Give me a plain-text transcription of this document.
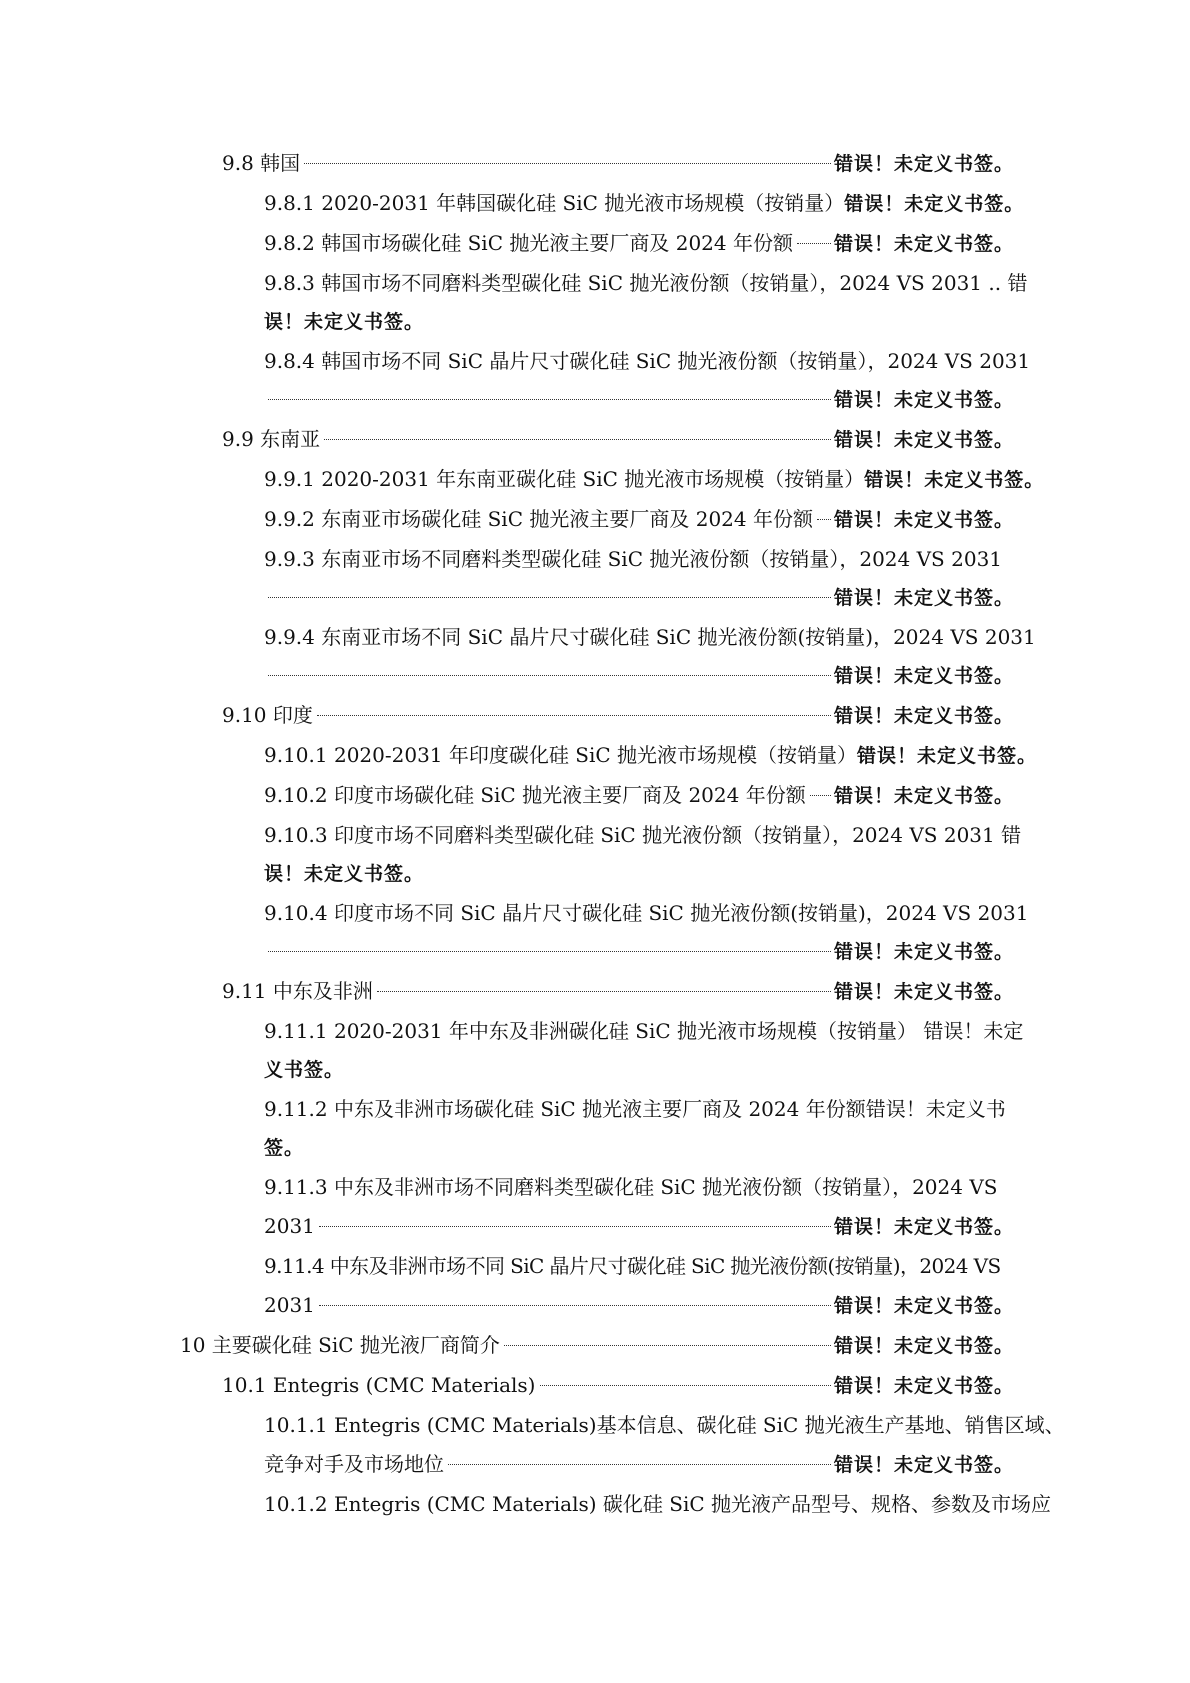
9.8 韩国	错误！未定义书签。
9.8.1 2020-2031 年韩国碳化硅 SiC 抛光液市场规模（按销量） 错误！未定义书签。
9.8.2 韩国市场碳化硅 SiC 抛光液主要厂商及 2024 年份额 错误！未定义书签。
9.8.3 韩国市场不同磨料类型碳化硅 SiC 抛光液份额（按销量），2024 VS 2031 .. 错
误！未定义书签。
9.8.4 韩国市场不同 SiC 晶片尺寸碳化硅 SiC 抛光液份额（按销量），2024 VS 2031
错误！未定义书签。
9.9 东南亚	错误！未定义书签。
9.9.1 2020-2031 年东南亚碳化硅 SiC 抛光液市场规模（按销量） 错误！未定义书签。
9.9.2 东南亚市场碳化硅 SiC 抛光液主要厂商及 2024 年份额 错误！未定义书签。
9.9.3 东南亚市场不同磨料类型碳化硅 SiC 抛光液份额（按销量），2024 VS 2031
错误！未定义书签。
9.9.4 东南亚市场不同 SiC 晶片尺寸碳化硅 SiC 抛光液份额(按销量)，2024 VS 2031
错误！未定义书签。
9.10 印度	错误！未定义书签。
9.10.1 2020-2031 年印度碳化硅 SiC 抛光液市场规模（按销量） 错误！未定义书签。
9.10.2 印度市场碳化硅 SiC 抛光液主要厂商及 2024 年份额 错误！未定义书签。
9.10.3 印度市场不同磨料类型碳化硅 SiC 抛光液份额（按销量），2024 VS 2031 错
误！未定义书签。
9.10.4 印度市场不同 SiC 晶片尺寸碳化硅 SiC 抛光液份额(按销量)，2024 VS 2031
错误！未定义书签。
9.11 中东及非洲	错误！未定义书签。
9.11.1 2020-2031 年中东及非洲碳化硅 SiC 抛光液市场规模（按销量） 错误！未定
义书签。
9.11.2 中东及非洲市场碳化硅 SiC 抛光液主要厂商及 2024 年份额错误！未定义书
签。
9.11.3 中东及非洲市场不同磨料类型碳化硅 SiC 抛光液份额（按销量），2024 VS
2031	错误！未定义书签。
9.11.4 中东及非洲市场不同 SiC 晶片尺寸碳化硅 SiC 抛光液份额(按销量)，2024 VS
2031	错误！未定义书签。
10 主要碳化硅 SiC 抛光液厂商简介	错误！未定义书签。
10.1 Entegris (CMC Materials)	错误！未定义书签。
10.1.1 Entegris (CMC Materials)基本信息、碳化硅 SiC 抛光液生产基地、销售区域、
竞争对手及市场地位	错误！未定义书签。
10.1.2 Entegris (CMC Materials) 碳化硅 SiC 抛光液产品型号、规格、参数及市场应
